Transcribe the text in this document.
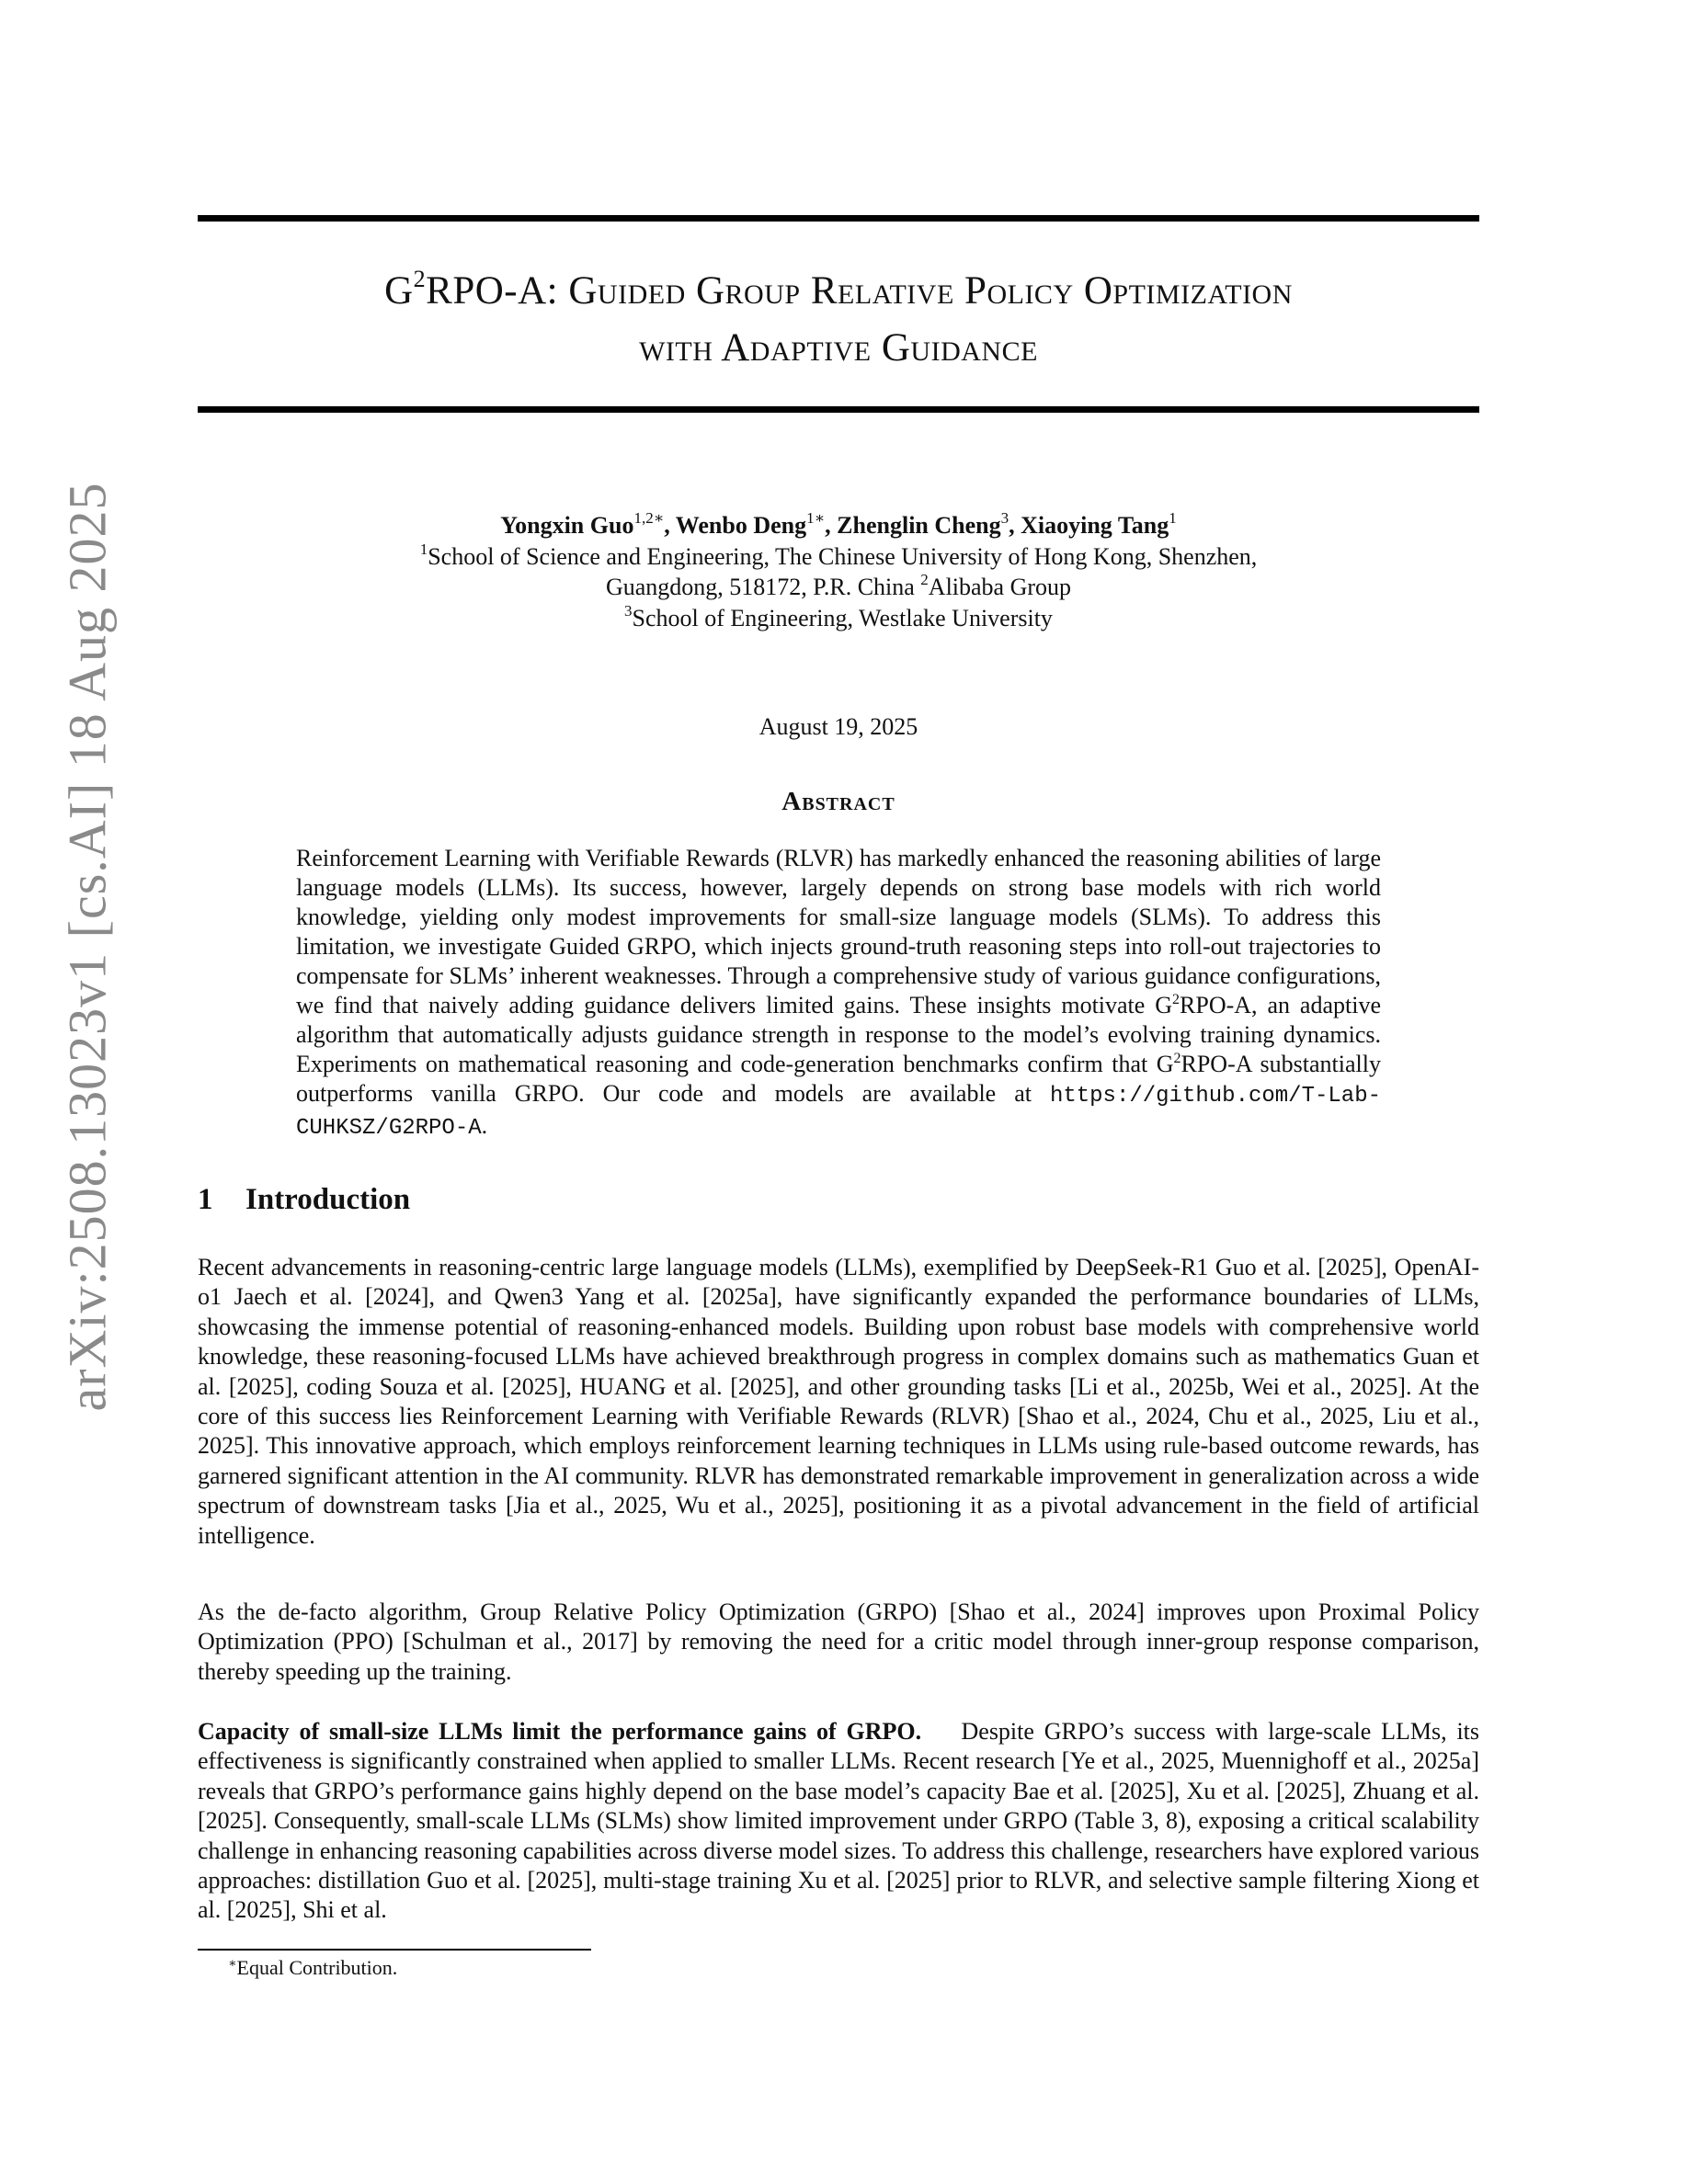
arXiv:2508.13023v1 [cs.AI] 18 Aug 2025
$G^2RPO-A$: Guided Group Relative Policy Optimization
with Adaptive Guidance
Yongxin Guo$^{1,2∗}$, Wenbo Deng$^{1∗}$, Zhenglin Cheng$^3$, Xiaoying Tang$^1$
$^1$School of Science and Engineering, The Chinese University of Hong Kong, Shenzhen,
Guangdong, 518172, P.R. China $^2$Alibaba Group
$^3$School of Engineering, Westlake University
August 19, 2025
Abstract
Reinforcement Learning with Verifiable Rewards (RLVR) has markedly enhanced the reasoning abilities of large language models (LLMs). Its success, however, largely depends on strong base models with rich world knowledge, yielding only modest improvements for small-size language models (SLMs). To address this limitation, we investigate Guided GRPO, which injects ground-truth reasoning steps into roll-out trajectories to compensate for SLMs’ inherent weaknesses. Through a comprehensive study of various guidance configurations, we find that naively adding guidance delivers limited gains. These insights motivate $G^2RPO-A$, an adaptive algorithm that automatically adjusts guidance strength in response to the model’s evolving training dynamics. Experiments on mathematical reasoning and code-generation benchmarks confirm that $G^2RPO-A$ substantially outperforms vanilla GRPO. Our code and models are available at https://github.com/T-Lab-CUHKSZ/G2RPO-A.
1 Introduction
Recent advancements in reasoning-centric large language models (LLMs), exemplified by DeepSeek-R1 Guo et al. [2025], OpenAI-o1 Jaech et al. [2024], and Qwen3 Yang et al. [2025a], have significantly expanded the performance boundaries of LLMs, showcasing the immense potential of reasoning-enhanced models. Building upon robust base models with comprehensive world knowledge, these reasoning-focused LLMs have achieved breakthrough progress in complex domains such as mathematics Guan et al. [2025], coding Souza et al. [2025], HUANG et al. [2025], and other grounding tasks [Li et al., 2025b, Wei et al., 2025]. At the core of this success lies Reinforcement Learning with Verifiable Rewards (RLVR) [Shao et al., 2024, Chu et al., 2025, Liu et al., 2025]. This innovative approach, which employs reinforcement learning techniques in LLMs using rule-based outcome rewards, has garnered significant attention in the AI community. RLVR has demonstrated remarkable improvement in generalization across a wide spectrum of downstream tasks [Jia et al., 2025, Wu et al., 2025], positioning it as a pivotal advancement in the field of artificial intelligence.
As the de-facto algorithm, Group Relative Policy Optimization (GRPO) [Shao et al., 2024] improves upon Proximal Policy Optimization (PPO) [Schulman et al., 2017] by removing the need for a critic model through inner-group response comparison, thereby speeding up the training.
Capacity of small-size LLMs limit the performance gains of GRPO. Despite GRPO’s success with large-scale LLMs, its effectiveness is significantly constrained when applied to smaller LLMs. Recent research [Ye et al., 2025, Muennighoff et al., 2025a] reveals that GRPO’s performance gains highly depend on the base model’s capacity Bae et al. [2025], Xu et al. [2025], Zhuang et al. [2025]. Consequently, small-scale LLMs (SLMs) show limited improvement under GRPO (Table 3, 8), exposing a critical scalability challenge in enhancing reasoning capabilities across diverse model sizes. To address this challenge, researchers have explored various approaches: distillation Guo et al. [2025], multi-stage training Xu et al. [2025] prior to RLVR, and selective sample filtering Xiong et al. [2025], Shi et al.
∗Equal Contribution.
